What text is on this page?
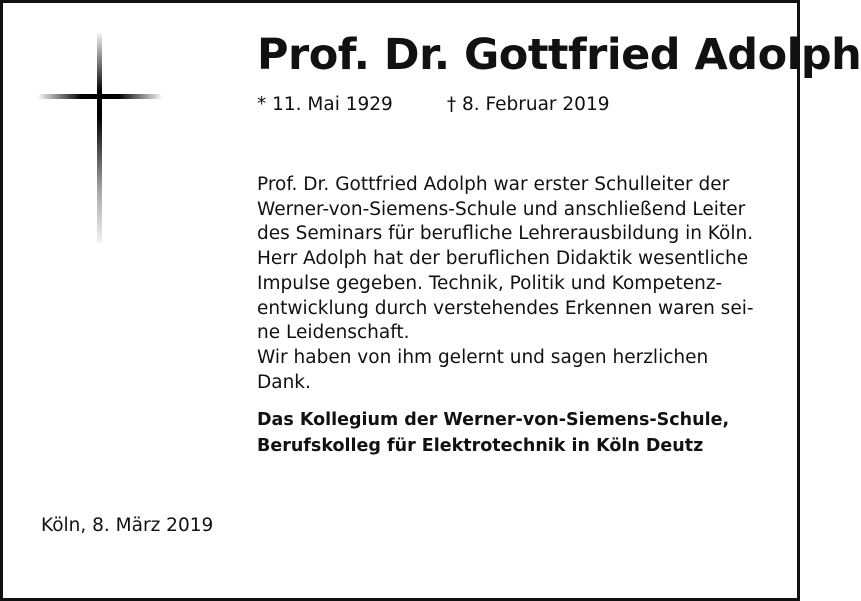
Prof. Dr. Gottfried Adolph
* 11. Mai 1929	† 8. Februar 2019
Prof. Dr. Gottfried Adolph war erster Schulleiter der
Werner-von-Siemens-Schule und anschließend Leiter
des Seminars für berufliche Lehrerausbildung in Köln.
Herr Adolph hat der beruflichen Didaktik wesentliche
Impulse gegeben. Technik, Politik und Kompetenz-
entwicklung durch verstehendes Erkennen waren sei-
ne Leidenschaft.
Wir haben von ihm gelernt und sagen herzlichen
Dank.
Das Kollegium der Werner-von-Siemens-Schule,
Berufskolleg für Elektrotechnik in Köln Deutz
Köln, 8. März 2019
